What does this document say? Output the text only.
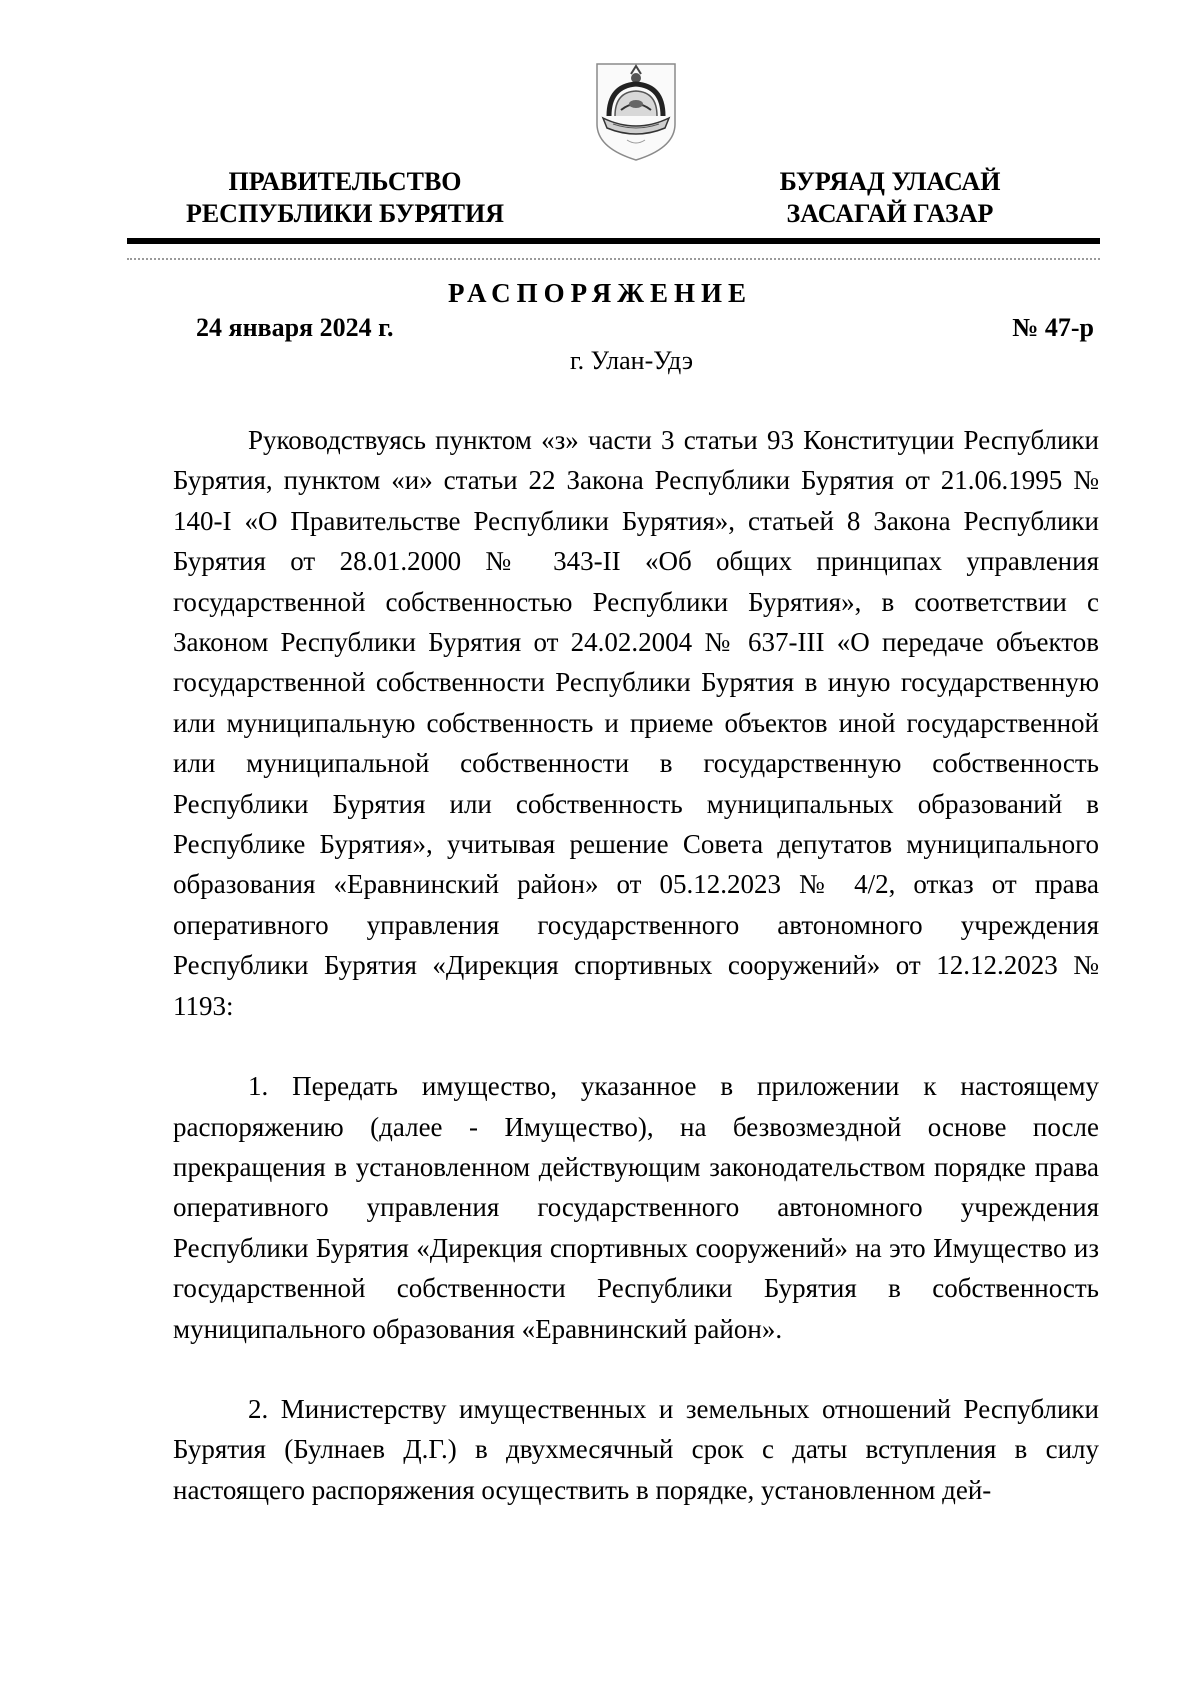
ПРАВИТЕЛЬСТВО
РЕСПУБЛИКИ БУРЯТИЯ
БУРЯАД УЛАСАЙ
ЗАСАГАЙ ГАЗАР
РАСПОРЯЖЕНИЕ
24 января 2024 г.	№ 47-р
г. Улан-Удэ

Руководствуясь пунктом «з» части 3 статьи 93 Конституции Республики Бурятия, пунктом «и» статьи 22 Закона Республики Бурятия от 21.06.1995 № 140-I «О Правительстве Республики Бурятия», статьей 8 Закона Республики Бурятия от 28.01.2000 № 343-II «Об общих принципах управления государственной собственностью Республики Бурятия», в соответствии с Законом Республики Бурятия от 24.02.2004 № 637-III «О передаче объектов государственной собственности Республики Бурятия в иную государственную или муниципальную собственность и приеме объектов иной государственной или муниципальной собственности в государственную собственность Республики Бурятия или собственность муниципальных образований в Республике Бурятия», учитывая решение Совета депутатов муниципального образования «Еравнинский район» от 05.12.2023 № 4/2, отказ от права оперативного управления государственного автономного учреждения Республики Бурятия «Дирекция спортивных сооружений» от 12.12.2023 № 1193:

1. Передать имущество, указанное в приложении к настоящему распоряжению (далее - Имущество), на безвозмездной основе после прекращения в установленном действующим законодательством порядке права оперативного управления государственного автономного учреждения Республики Бурятия «Дирекция спортивных сооружений» на это Имущество из государственной собственности Республики Бурятия в собственность муниципального образования «Еравнинский район».

2. Министерству имущественных и земельных отношений Республики Бурятия (Булнаев Д.Г.) в двухмесячный срок с даты вступления в силу настоящего распоряжения осуществить в порядке, установленном дей-
